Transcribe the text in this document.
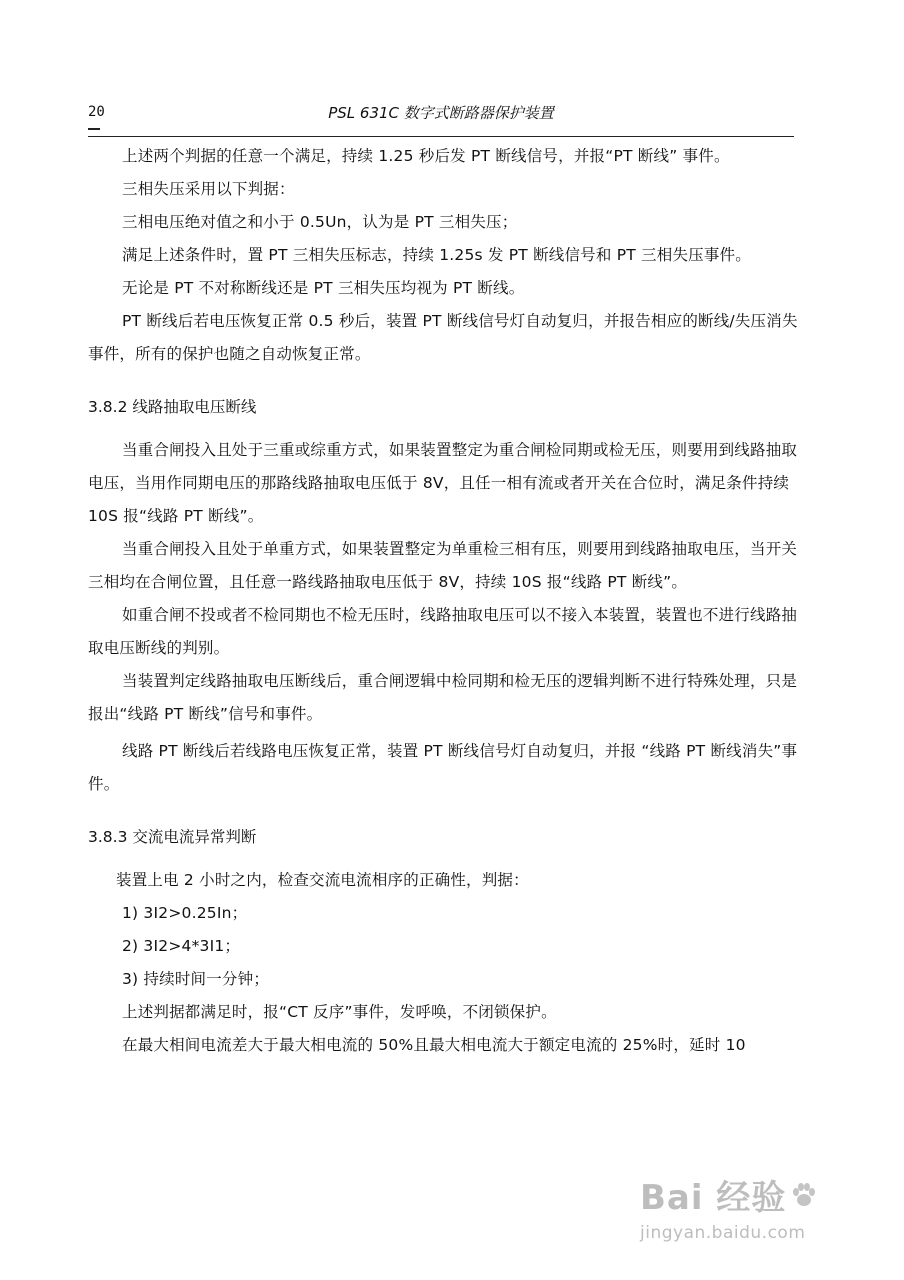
20	PSL 631C 数字式断路器保护装置

上述两个判据的任意一个满足，持续 1.25 秒后发 PT 断线信号，并报“PT 断线” 事件。

三相失压采用以下判据：

三相电压绝对值之和小于 0.5Un，认为是 PT 三相失压；

满足上述条件时，置 PT 三相失压标志，持续 1.25s 发 PT 断线信号和 PT 三相失压事件。

无论是 PT 不对称断线还是 PT 三相失压均视为 PT 断线。

PT 断线后若电压恢复正常 0.5 秒后，装置 PT 断线信号灯自动复归，并报告相应的断线/失压消失事件，所有的保护也随之自动恢复正常。

3.8.2 线路抽取电压断线

当重合闸投入且处于三重或综重方式，如果装置整定为重合闸检同期或检无压，则要用到线路抽取电压，当用作同期电压的那路线路抽取电压低于 8V，且任一相有流或者开关在合位时，满足条件持续 10S 报“线路 PT 断线”。

当重合闸投入且处于单重方式，如果装置整定为单重检三相有压，则要用到线路抽取电压，当开关三相均在合闸位置，且任意一路线路抽取电压低于 8V，持续 10S 报“线路 PT 断线”。

如重合闸不投或者不检同期也不检无压时，线路抽取电压可以不接入本装置，装置也不进行线路抽取电压断线的判别。

当装置判定线路抽取电压断线后，重合闸逻辑中检同期和检无压的逻辑判断不进行特殊处理，只是报出“线路 PT 断线”信号和事件。

线路 PT 断线后若线路电压恢复正常，装置 PT 断线信号灯自动复归，并报 “线路 PT 断线消失”事件。

3.8.3 交流电流异常判断

装置上电 2 小时之内，检查交流电流相序的正确性，判据：

1) 3I2>0.25In；

2) 3I2>4*3I1；

3) 持续时间一分钟；

上述判据都满足时，报“CT 反序”事件，发呼唤，不闭锁保护。

在最大相间电流差大于最大相电流的 50%且最大相电流大于额定电流的 25%时，延时 10

Bai 经验
jingyan.baidu.com
